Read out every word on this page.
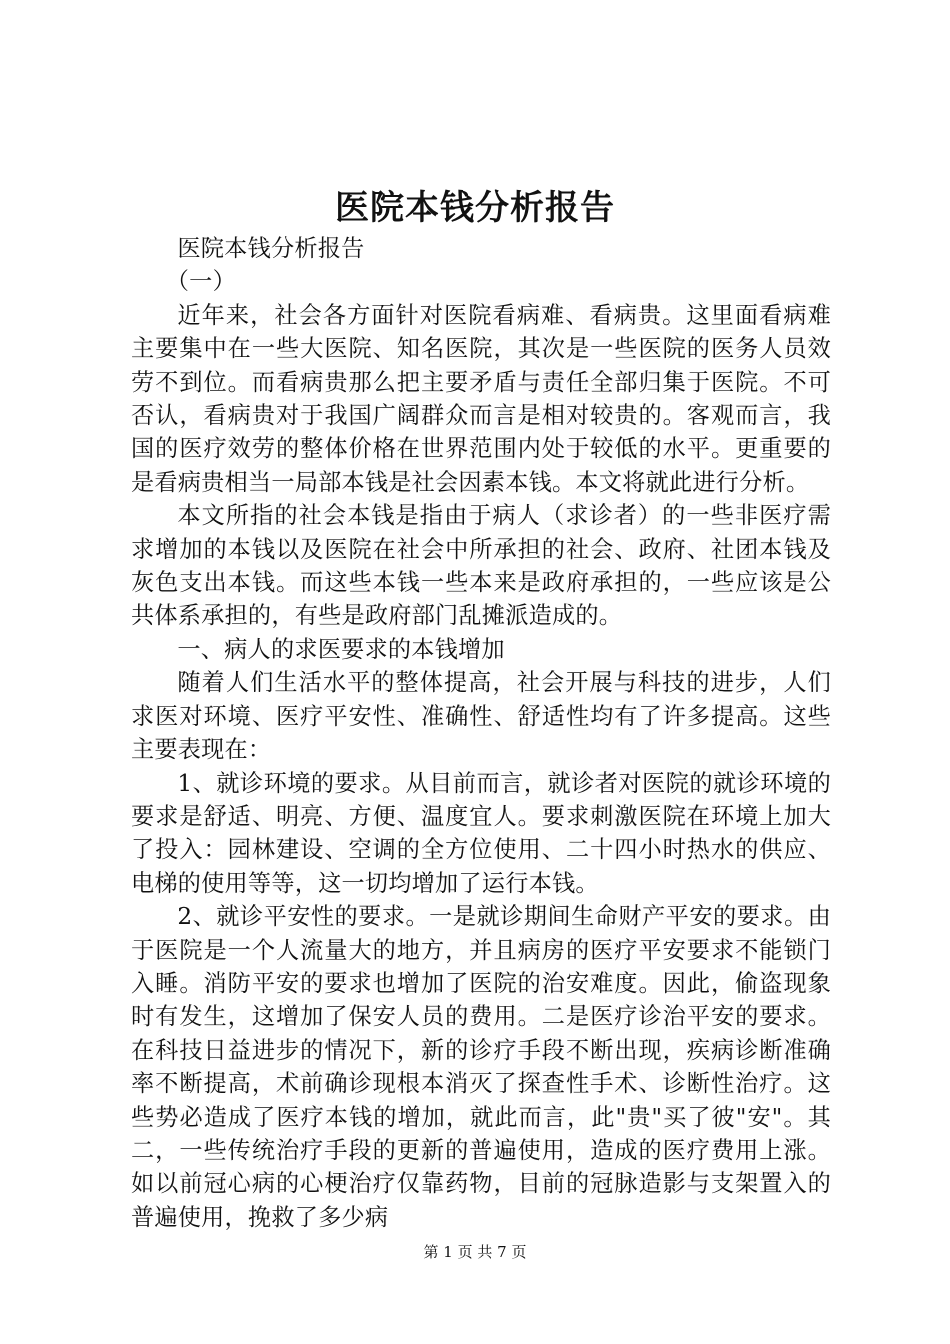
医院本钱分析报告

医院本钱分析报告

（一）

近年来，社会各方面针对医院看病难、看病贵。这里面看病难主要集中在一些大医院、知名医院，其次是一些医院的医务人员效劳不到位。而看病贵那么把主要矛盾与责任全部归集于医院。不可否认，看病贵对于我国广阔群众而言是相对较贵的。客观而言，我国的医疗效劳的整体价格在世界范围内处于较低的水平。更重要的是看病贵相当一局部本钱是社会因素本钱。本文将就此进行分析。

本文所指的社会本钱是指由于病人（求诊者）的一些非医疗需求增加的本钱以及医院在社会中所承担的社会、政府、社团本钱及灰色支出本钱。而这些本钱一些本来是政府承担的，一些应该是公共体系承担的，有些是政府部门乱摊派造成的。

一、病人的求医要求的本钱增加

随着人们生活水平的整体提高，社会开展与科技的进步，人们求医对环境、医疗平安性、准确性、舒适性均有了许多提高。这些主要表现在：

1、就诊环境的要求。从目前而言，就诊者对医院的就诊环境的要求是舒适、明亮、方便、温度宜人。要求刺激医院在环境上加大了投入：园林建设、空调的全方位使用、二十四小时热水的供应、电梯的使用等等，这一切均增加了运行本钱。

2、就诊平安性的要求。一是就诊期间生命财产平安的要求。由于医院是一个人流量大的地方，并且病房的医疗平安要求不能锁门入睡。消防平安的要求也增加了医院的治安难度。因此，偷盗现象时有发生，这增加了保安人员的费用。二是医疗诊治平安的要求。在科技日益进步的情况下，新的诊疗手段不断出现，疾病诊断准确率不断提高，术前确诊现根本消灭了探查性手术、诊断性治疗。这些势必造成了医疗本钱的增加，就此而言，此"贵"买了彼"安"。其二，一些传统治疗手段的更新的普遍使用，造成的医疗费用上涨。如以前冠心病的心梗治疗仅靠药物，目前的冠脉造影与支架置入的普遍使用，挽救了多少病

第 1 页 共 7 页
